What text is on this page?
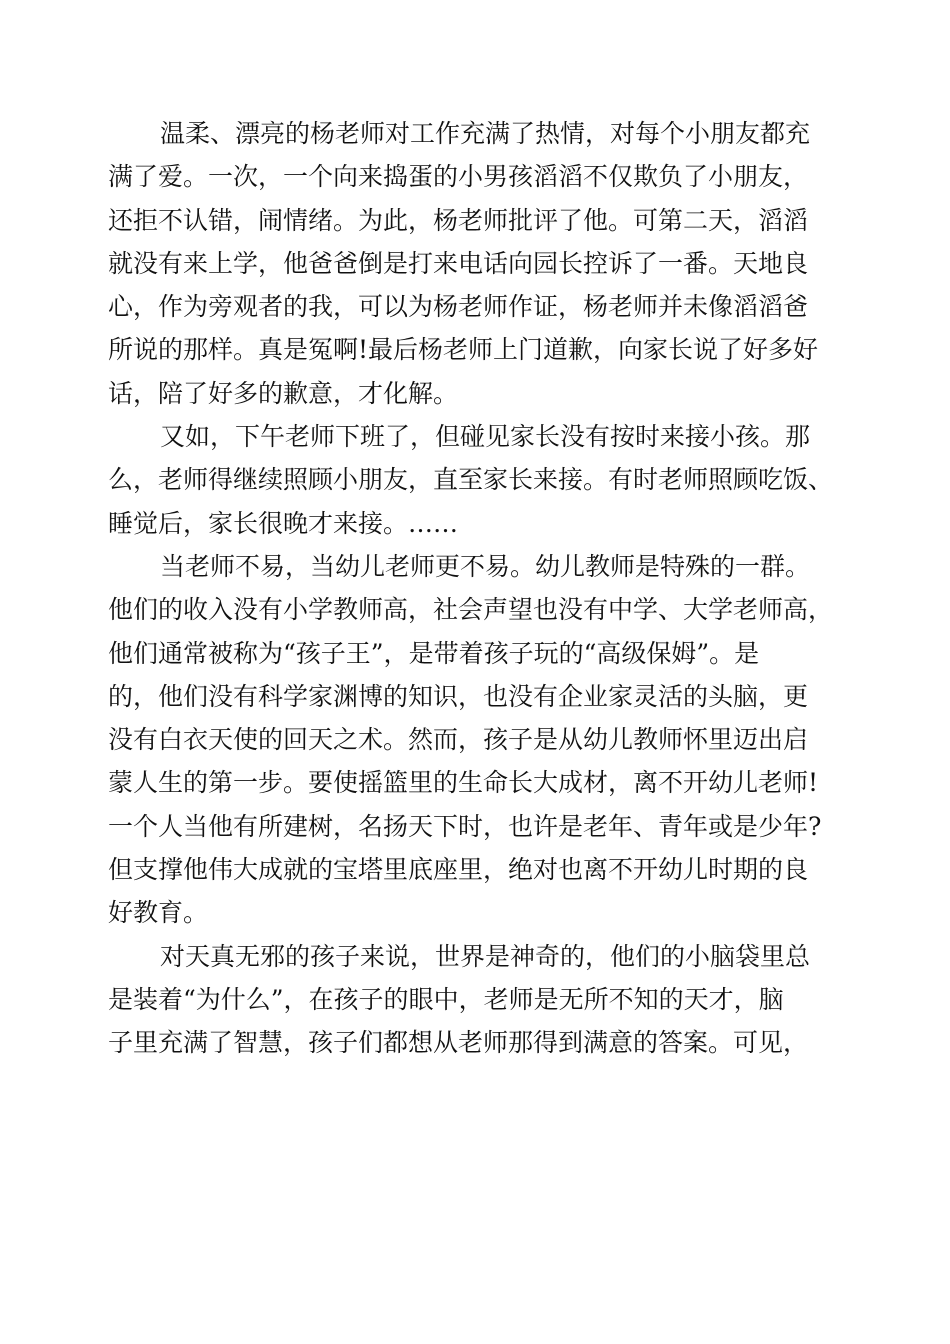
温柔、漂亮的杨老师对工作充满了热情，对每个小朋友都充
满了爱。一次，一个向来捣蛋的小男孩滔滔不仅欺负了小朋友，
还拒不认错，闹情绪。为此，杨老师批评了他。可第二天，滔滔
就没有来上学，他爸爸倒是打来电话向园长控诉了一番。天地良
心，作为旁观者的我，可以为杨老师作证，杨老师并未像滔滔爸
所说的那样。真是冤啊!最后杨老师上门道歉，向家长说了好多好
话，陪了好多的歉意，才化解。
又如，下午老师下班了，但碰见家长没有按时来接小孩。那
么，老师得继续照顾小朋友，直至家长来接。有时老师照顾吃饭、
睡觉后，家长很晚才来接。……
当老师不易，当幼儿老师更不易。幼儿教师是特殊的一群。
他们的收入没有小学教师高，社会声望也没有中学、大学老师高，
他们通常被称为“孩子王”，是带着孩子玩的“高级保姆”。是
的，他们没有科学家渊博的知识，也没有企业家灵活的头脑，更
没有白衣天使的回天之术。然而，孩子是从幼儿教师怀里迈出启
蒙人生的第一步。要使摇篮里的生命长大成材，离不开幼儿老师!
一个人当他有所建树，名扬天下时，也许是老年、青年或是少年?
但支撑他伟大成就的宝塔里底座里，绝对也离不开幼儿时期的良
好教育。
对天真无邪的孩子来说，世界是神奇的，他们的小脑袋里总
是装着“为什么”，在孩子的眼中，老师是无所不知的天才，脑
子里充满了智慧，孩子们都想从老师那得到满意的答案。可见，
